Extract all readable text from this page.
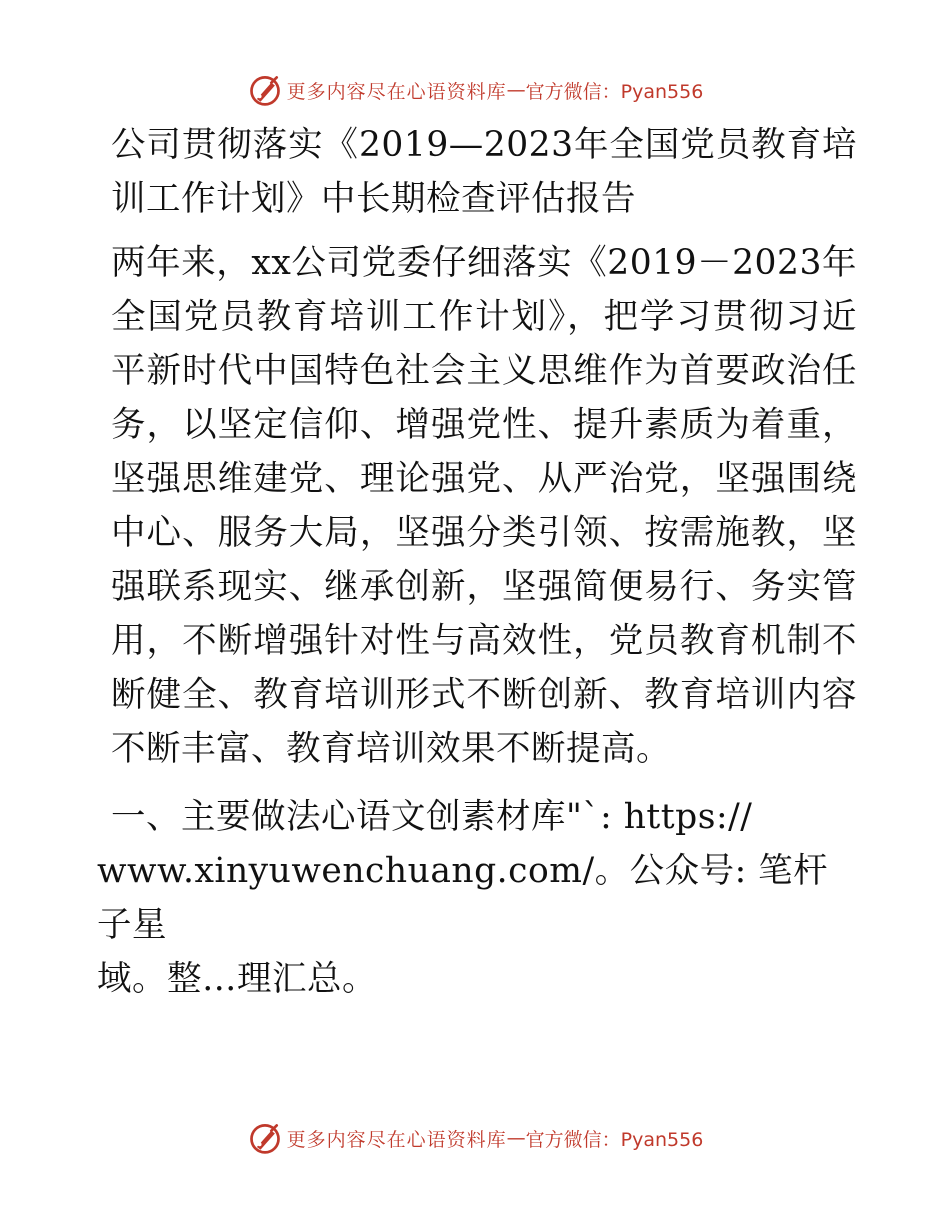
更多内容尽在心语资料库 — 官方微信：Pyan556

公司贯彻落实《2019—2023年全国党员教育培训工作计划》中长期检查评估报告

两年来，xx公司党委仔细落实《2019－2023年全国党员教育培训工作计划》，把学习贯彻习近平新时代中国特色社会主义思维作为首要政治任务，以坚定信仰、增强党性、提升素质为着重，坚强思维建党、理论强党、从严治党，坚强围绕中心、服务大局，坚强分类引领、按需施教，坚强联系现实、继承创新，坚强简便易行、务实管用，不断增强针对性与高效性，党员教育机制不断健全、教育培训形式不断创新、教育培训内容不断丰富、教育培训效果不断提高。

一、主要做法心语文创素材库"`: https://

www.xinyuwenchuang.com/。公众号: 笔杆子星

域。整…理汇总。

更多内容尽在心语资料库 — 官方微信：Pyan556
